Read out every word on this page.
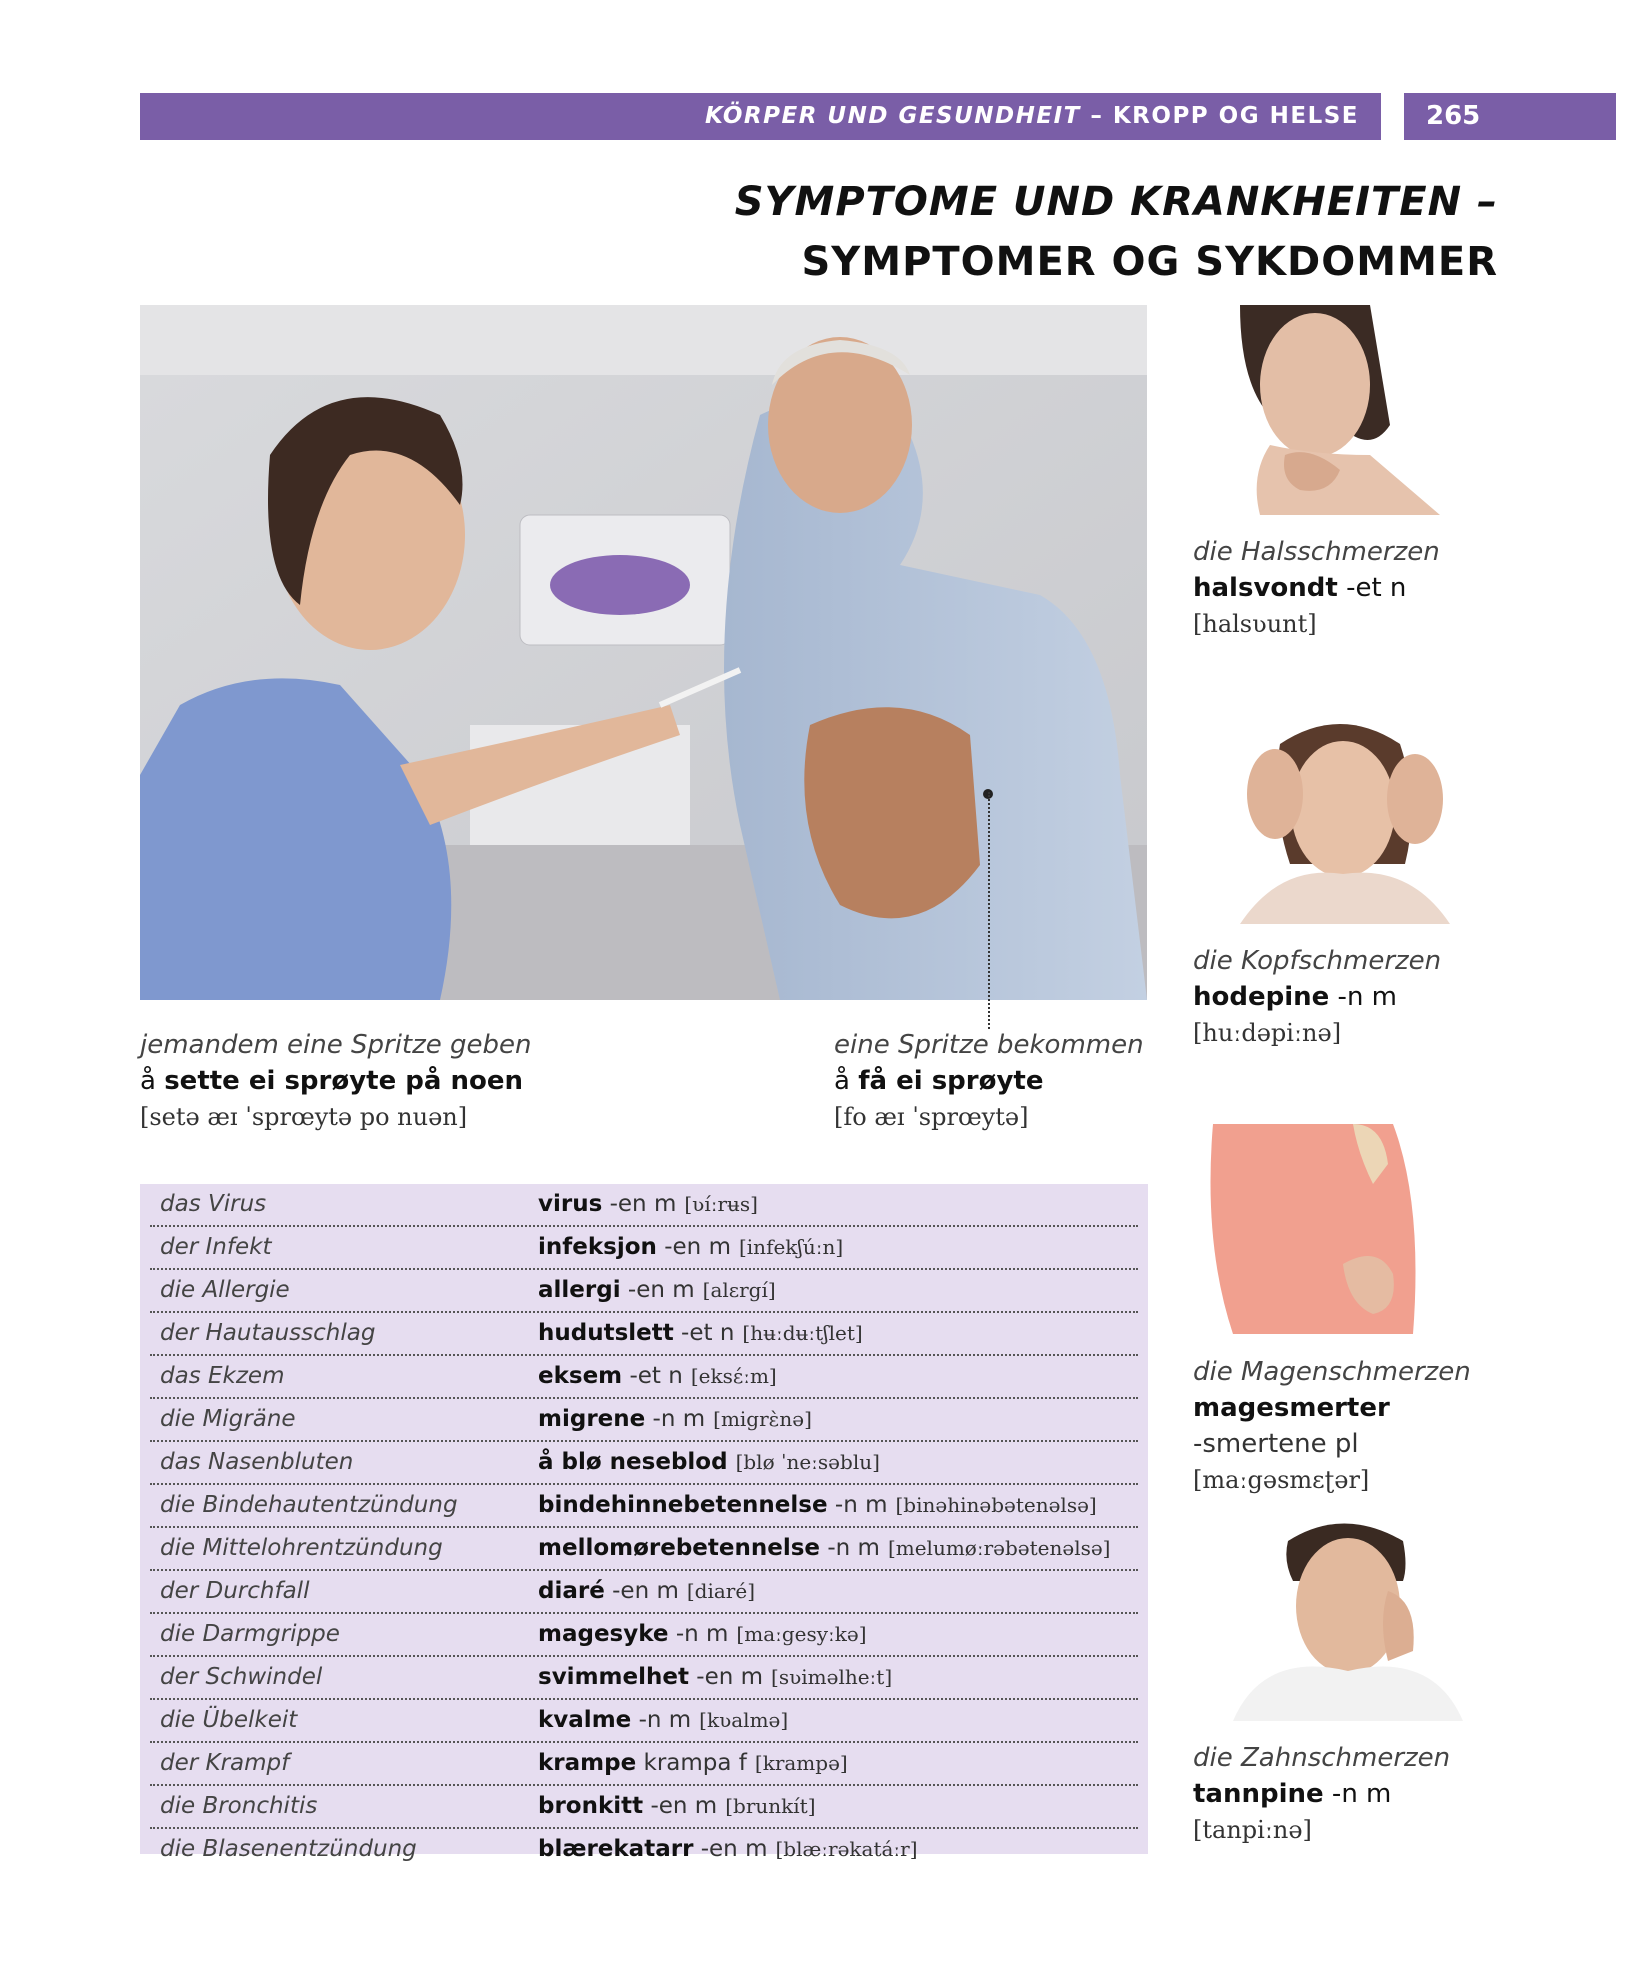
KÖRPER UND GESUNDHEIT – KROPP OG HELSE	265
SYMPTOME UND KRANKHEITEN –
SYMPTOMER OG SYKDOMMER
jemandem eine Spritze geben
å sette ei sprøyte på noen
[setə æɪ ˈsprœytə po nuən]
eine Spritze bekommen
å få ei sprøyte
[fo æɪ ˈsprœytə]
die Halsschmerzen
halsvondt -et n
[halsʋunt]
die Kopfschmerzen
hodepine -n m
[huːdəpiːnə]
die Magenschmerzen
magesmerter
-smertene pl
[maːgəsmɛʈər]
die Zahnschmerzen
tannpine -n m
[tanpiːnə]
das Virus	virus -en m [ʋíːrʉs]
der Infekt	infeksjon -en m [infekʃúːn]
die Allergie	allergi -en m [alɛrgí]
der Hautausschlag	hudutslett -et n [hʉːdʉːtʃlet]
das Ekzem	eksem -et n [eksέːm]
die Migräne	migrene -n m [migrὲnə]
das Nasenbluten	å blø neseblod [blø ˈneːsəblu]
die Bindehautentzündung	bindehinnebetennelse -n m [binəhinəbətenəlsə]
die Mittelohrentzündung	mellomørebetennelse -n m [melumøːrəbətenəlsə]
der Durchfall	diaré -en m [diaré]
die Darmgrippe	magesyke -n m [maːgesyːkə]
der Schwindel	svimmelhet -en m [sʋiməlheːt]
die Übelkeit	kvalme -n m [kʋalmə]
der Krampf	krampe krampa f [krampə]
die Bronchitis	bronkitt -en m [brunkít]
die Blasenentzündung	blærekatarr -en m [blæːrəkatáːr]
